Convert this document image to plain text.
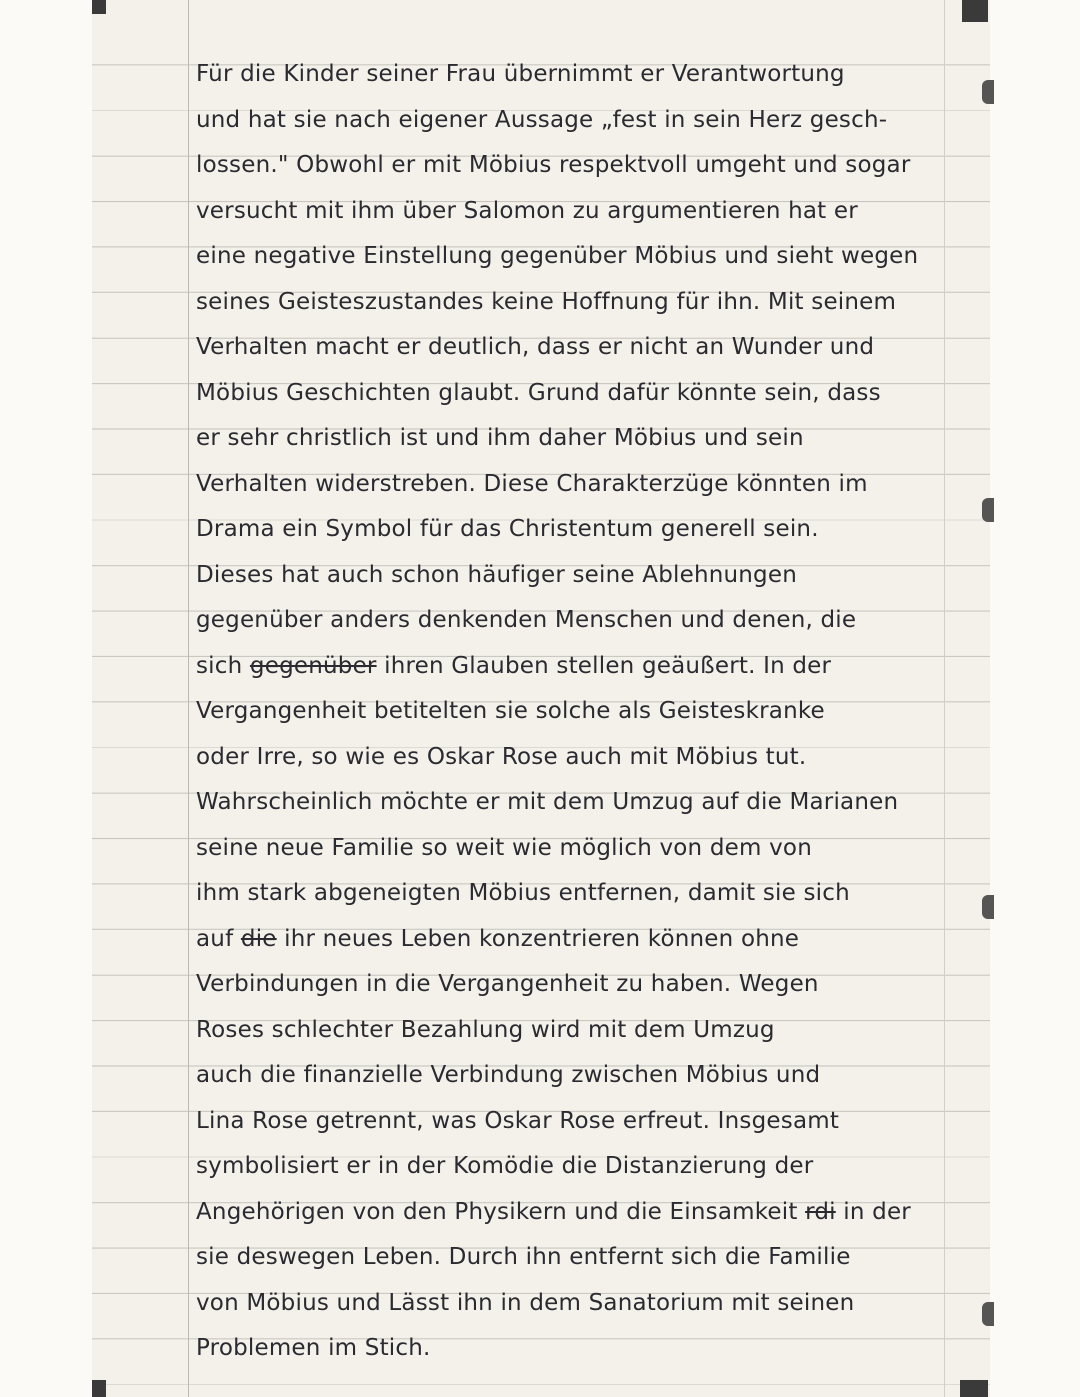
Für die Kinder seiner Frau übernimmt er Verantwortung
und hat sie nach eigener Aussage „fest in sein Herz gesch-
lossen." Obwohl er mit Möbius respektvoll umgeht und sogar
versucht mit ihm über Salomon zu argumentieren hat er
eine negative Einstellung gegenüber Möbius und sieht wegen
seines Geisteszustandes keine Hoffnung für ihn. Mit seinem
Verhalten macht er deutlich, dass er nicht an Wunder und
Möbius Geschichten glaubt. Grund dafür könnte sein, dass
er sehr christlich ist und ihm daher Möbius und sein
Verhalten widerstreben. Diese Charakterzüge könnten im
Drama ein Symbol für das Christentum generell sein.
Dieses hat auch schon häufiger seine Ablehnungen
gegenüber anders denkenden Menschen und denen, die
sich gegenüber ihren Glauben stellen geäußert. In der
Vergangenheit betitelten sie solche als Geisteskranke
oder Irre, so wie es Oskar Rose auch mit Möbius tut.
Wahrscheinlich möchte er mit dem Umzug auf die Marianen
seine neue Familie so weit wie möglich von dem von
ihm stark abgeneigten Möbius entfernen, damit sie sich
auf die ihr neues Leben konzentrieren können ohne
Verbindungen in die Vergangenheit zu haben. Wegen
Roses schlechter Bezahlung wird mit dem Umzug
auch die finanzielle Verbindung zwischen Möbius und
Lina Rose getrennt, was Oskar Rose erfreut. Insgesamt
symbolisiert er in der Komödie die Distanzierung der
Angehörigen von den Physikern und die Einsamkeit rdi in der
sie deswegen Leben. Durch ihn entfernt sich die Familie
von Möbius und Lässt ihn in dem Sanatorium mit seinen
Problemen im Stich.
